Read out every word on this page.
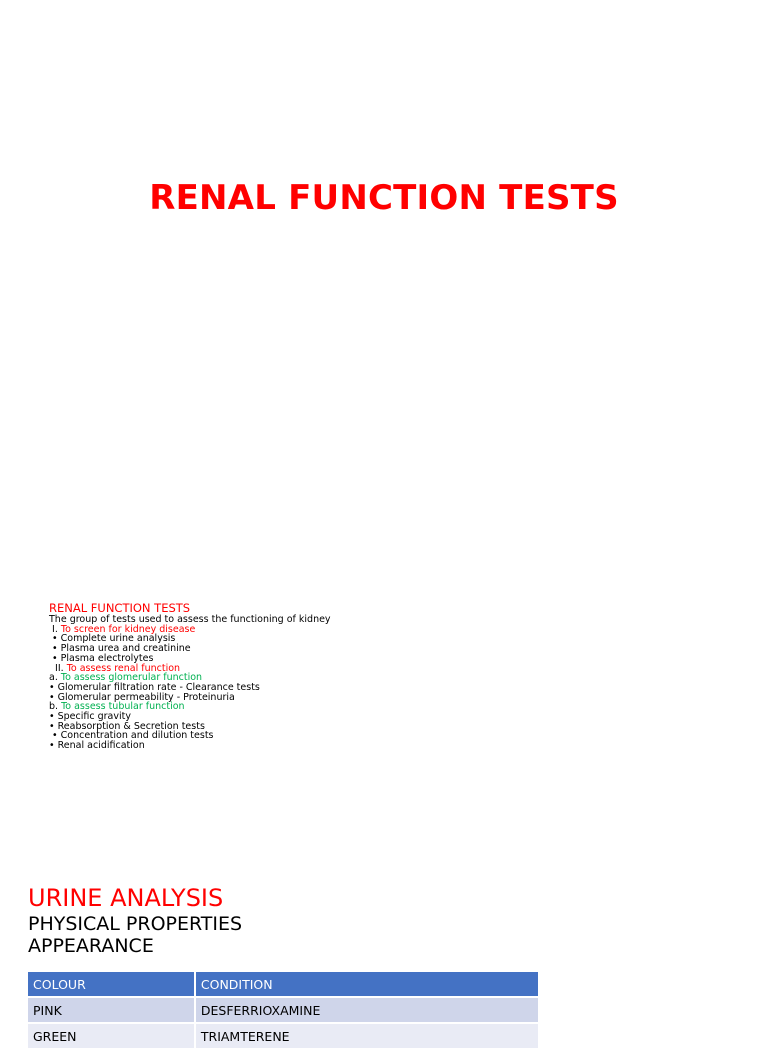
RENAL FUNCTION TESTS
RENAL FUNCTION TESTS
The group of tests used to assess the functioning of kidney
I. To screen for kidney disease
• Complete urine analysis
• Plasma urea and creatinine
• Plasma electrolytes
II. To assess renal function
a. To assess glomerular function
• Glomerular filtration rate - Clearance tests
• Glomerular permeability - Proteinuria
b. To assess tubular function
• Specific gravity
• Reabsorption & Secretion tests
• Concentration and dilution tests
• Renal acidification
URINE ANALYSIS
PHYSICAL PROPERTIES
APPEARANCE
COLOUR	CONDITION
PINK	DESFERRIOXAMINE
GREEN	TRIAMTERENE
